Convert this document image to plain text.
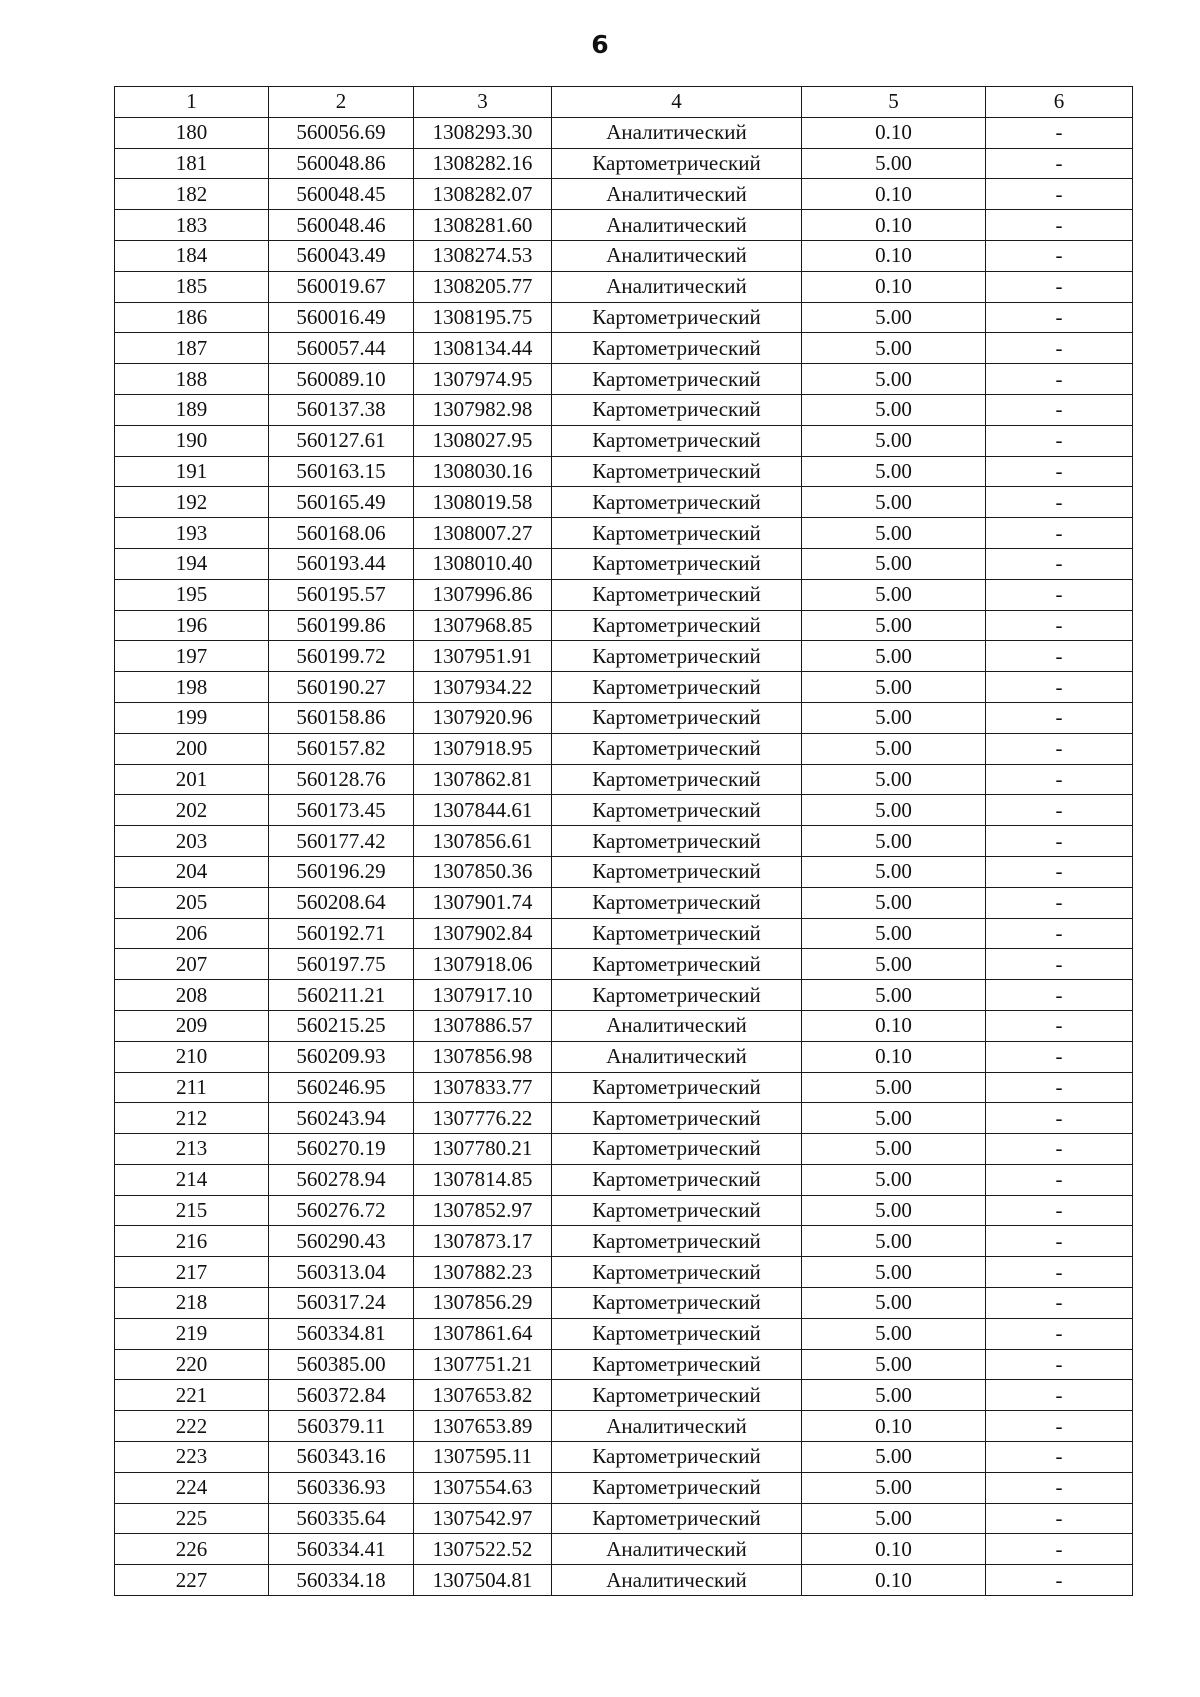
6
1	2	3	4	5	6
180	560056.69	1308293.30	Аналитический	0.10	-
181	560048.86	1308282.16	Картометрический	5.00	-
182	560048.45	1308282.07	Аналитический	0.10	-
183	560048.46	1308281.60	Аналитический	0.10	-
184	560043.49	1308274.53	Аналитический	0.10	-
185	560019.67	1308205.77	Аналитический	0.10	-
186	560016.49	1308195.75	Картометрический	5.00	-
187	560057.44	1308134.44	Картометрический	5.00	-
188	560089.10	1307974.95	Картометрический	5.00	-
189	560137.38	1307982.98	Картометрический	5.00	-
190	560127.61	1308027.95	Картометрический	5.00	-
191	560163.15	1308030.16	Картометрический	5.00	-
192	560165.49	1308019.58	Картометрический	5.00	-
193	560168.06	1308007.27	Картометрический	5.00	-
194	560193.44	1308010.40	Картометрический	5.00	-
195	560195.57	1307996.86	Картометрический	5.00	-
196	560199.86	1307968.85	Картометрический	5.00	-
197	560199.72	1307951.91	Картометрический	5.00	-
198	560190.27	1307934.22	Картометрический	5.00	-
199	560158.86	1307920.96	Картометрический	5.00	-
200	560157.82	1307918.95	Картометрический	5.00	-
201	560128.76	1307862.81	Картометрический	5.00	-
202	560173.45	1307844.61	Картометрический	5.00	-
203	560177.42	1307856.61	Картометрический	5.00	-
204	560196.29	1307850.36	Картометрический	5.00	-
205	560208.64	1307901.74	Картометрический	5.00	-
206	560192.71	1307902.84	Картометрический	5.00	-
207	560197.75	1307918.06	Картометрический	5.00	-
208	560211.21	1307917.10	Картометрический	5.00	-
209	560215.25	1307886.57	Аналитический	0.10	-
210	560209.93	1307856.98	Аналитический	0.10	-
211	560246.95	1307833.77	Картометрический	5.00	-
212	560243.94	1307776.22	Картометрический	5.00	-
213	560270.19	1307780.21	Картометрический	5.00	-
214	560278.94	1307814.85	Картометрический	5.00	-
215	560276.72	1307852.97	Картометрический	5.00	-
216	560290.43	1307873.17	Картометрический	5.00	-
217	560313.04	1307882.23	Картометрический	5.00	-
218	560317.24	1307856.29	Картометрический	5.00	-
219	560334.81	1307861.64	Картометрический	5.00	-
220	560385.00	1307751.21	Картометрический	5.00	-
221	560372.84	1307653.82	Картометрический	5.00	-
222	560379.11	1307653.89	Аналитический	0.10	-
223	560343.16	1307595.11	Картометрический	5.00	-
224	560336.93	1307554.63	Картометрический	5.00	-
225	560335.64	1307542.97	Картометрический	5.00	-
226	560334.41	1307522.52	Аналитический	0.10	-
227	560334.18	1307504.81	Аналитический	0.10	-
